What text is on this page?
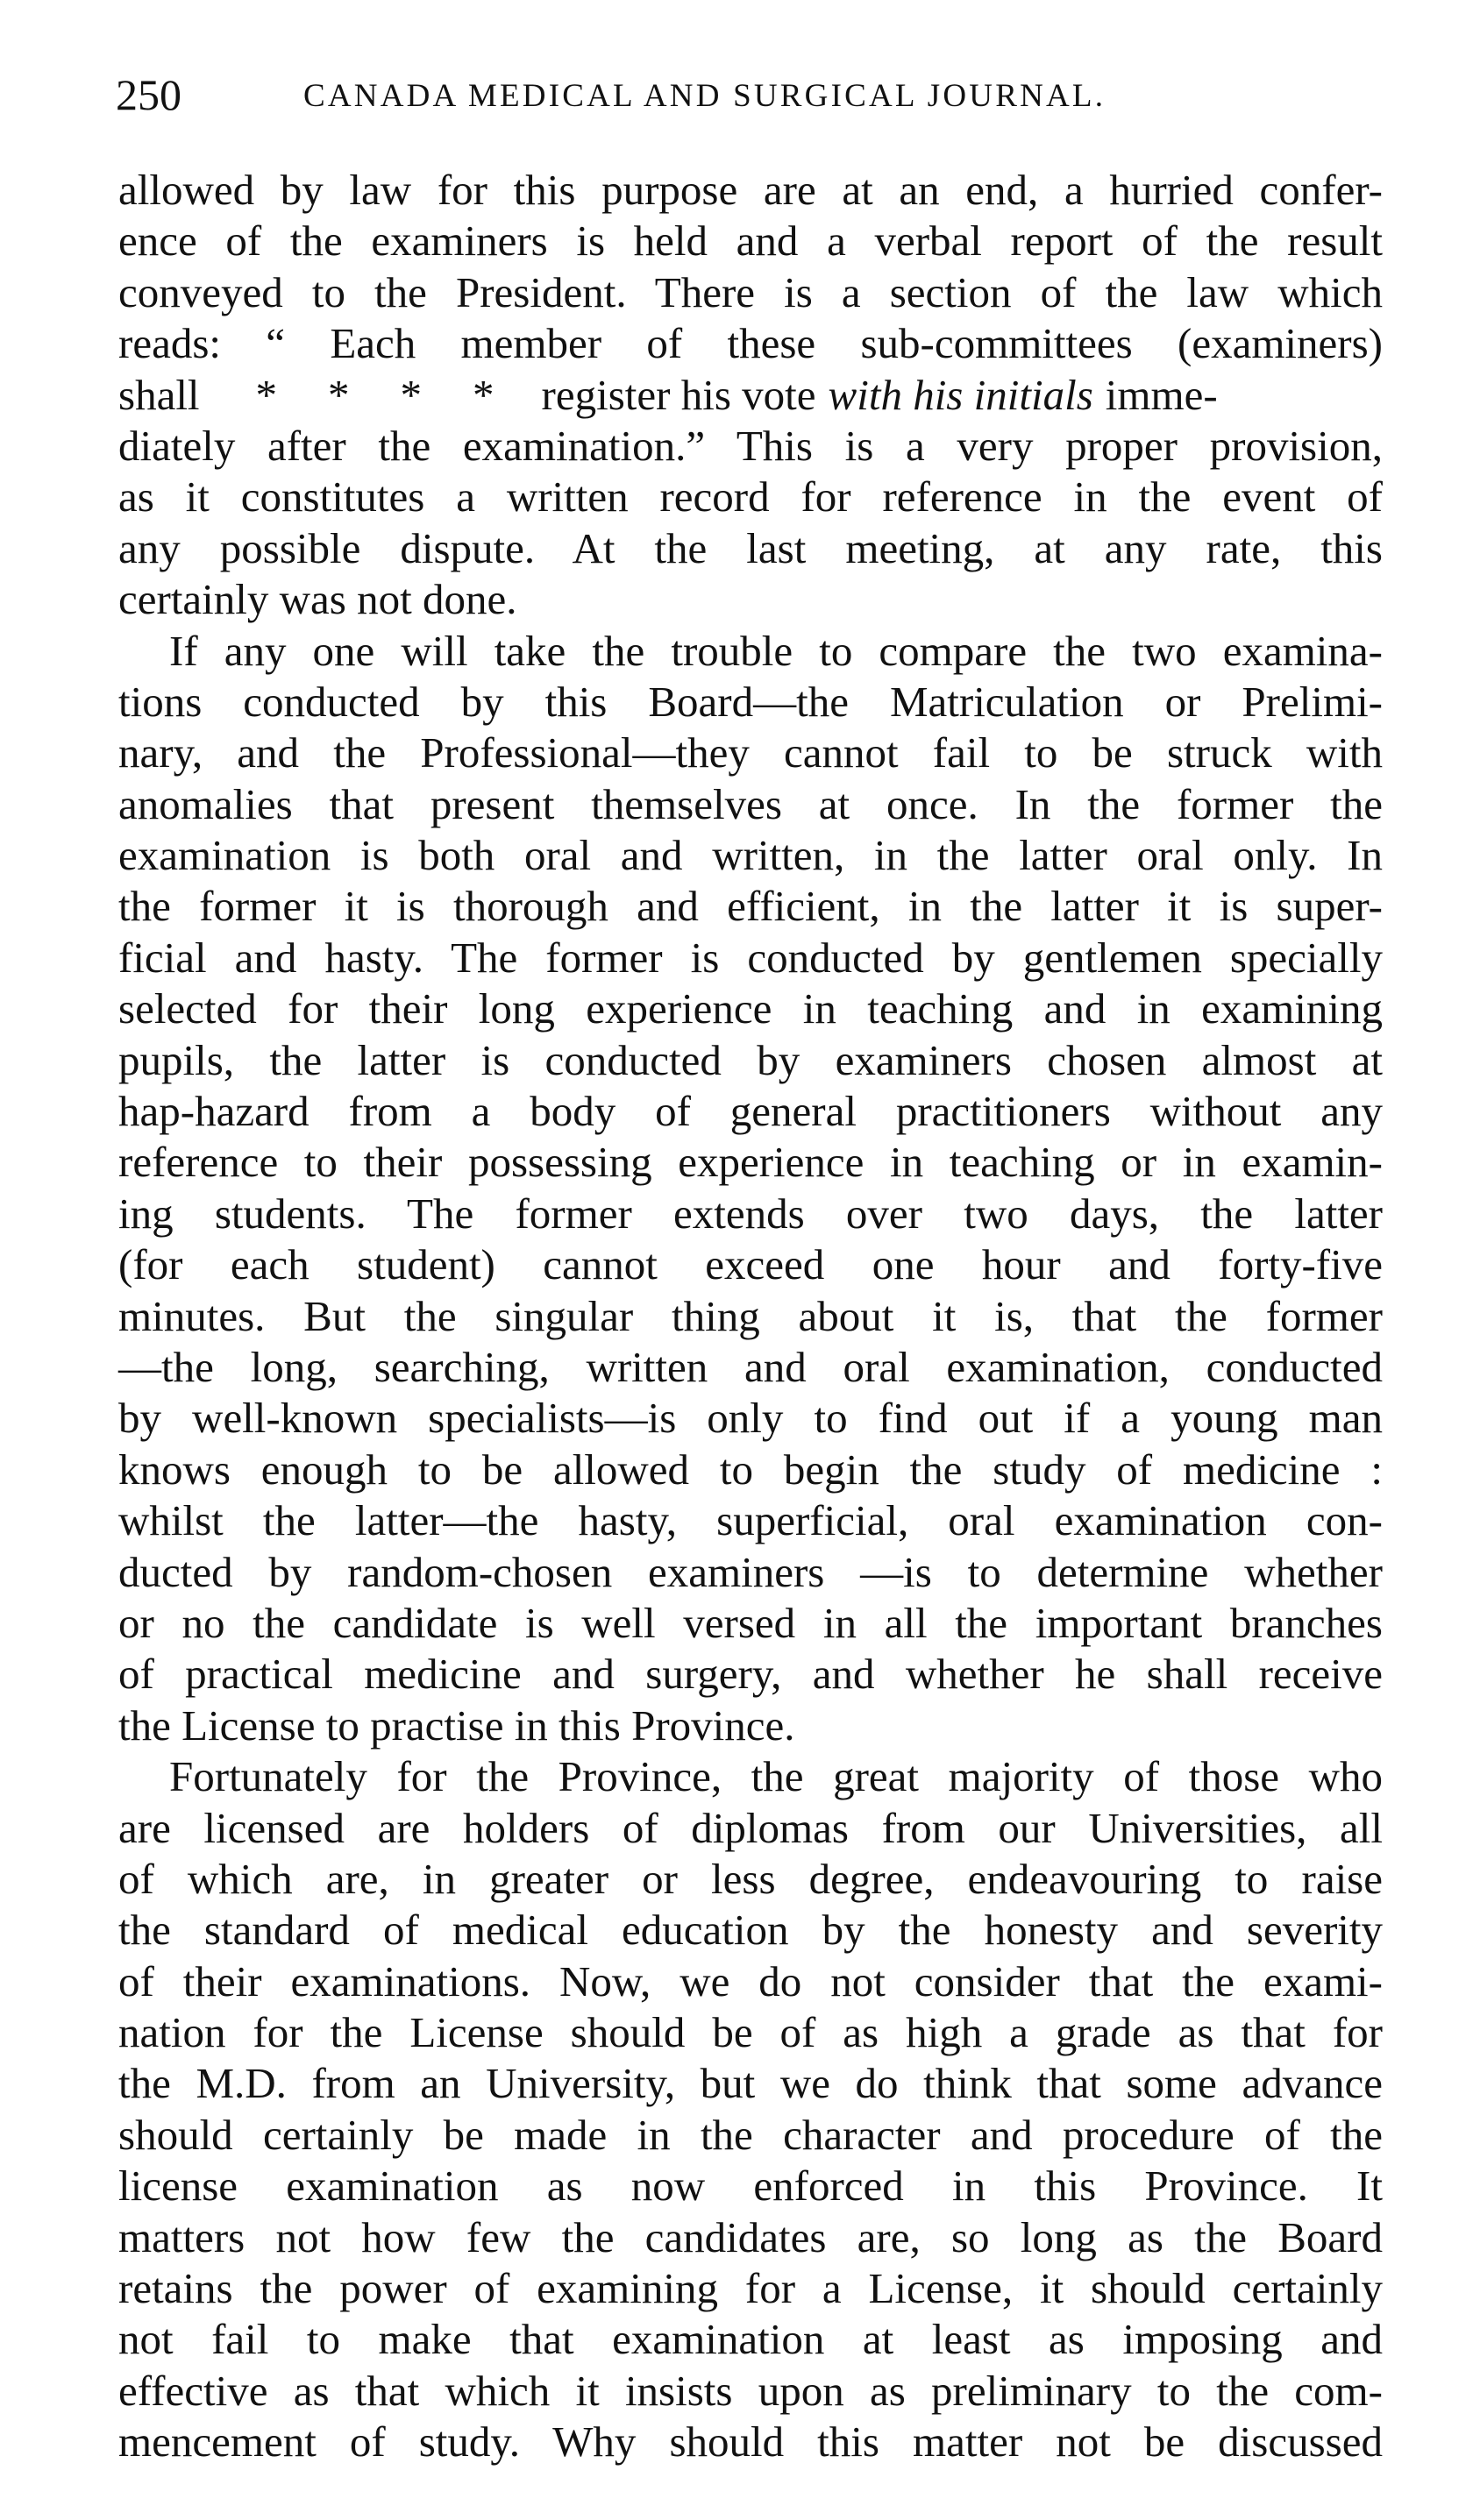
250	CANADA MEDICAL AND SURGICAL JOURNAL.
allowed by law for this purpose are at an end, a hurried confer-
ence of the examiners is held and a verbal report of the result
conveyed to the President. There is a section of the law which
reads: “ Each member of these sub-committees (examiners)
shall * * * * register his vote with his initials imme-
diately after the examination.” This is a very proper provision,
as it constitutes a written record for reference in the event of
any possible dispute. At the last meeting, at any rate, this
certainly was not done.
If any one will take the trouble to compare the two examina-
tions conducted by this Board—the Matriculation or Prelimi-
nary, and the Professional—they cannot fail to be struck with
anomalies that present themselves at once. In the former the
examination is both oral and written, in the latter oral only. In
the former it is thorough and efficient, in the latter it is super-
ficial and hasty. The former is conducted by gentlemen specially
selected for their long experience in teaching and in examining
pupils, the latter is conducted by examiners chosen almost at
hap-hazard from a body of general practitioners without any
reference to their possessing experience in teaching or in examin-
ing students. The former extends over two days, the latter
(for each student) cannot exceed one hour and forty-five
minutes. But the singular thing about it is, that the former
—the long, searching, written and oral examination, conducted
by well-known specialists—is only to find out if a young man
knows enough to be allowed to begin the study of medicine :
whilst the latter—the hasty, superficial, oral examination con-
ducted by random-chosen examiners —is to determine whether
or no the candidate is well versed in all the important branches
of practical medicine and surgery, and whether he shall receive
the License to practise in this Province.
Fortunately for the Province, the great majority of those who
are licensed are holders of diplomas from our Universities, all
of which are, in greater or less degree, endeavouring to raise
the standard of medical education by the honesty and severity
of their examinations. Now, we do not consider that the exami-
nation for the License should be of as high a grade as that for
the M.D. from an University, but we do think that some advance
should certainly be made in the character and procedure of the
license examination as now enforced in this Province. It
matters not how few the candidates are, so long as the Board
retains the power of examining for a License, it should certainly
not fail to make that examination at least as imposing and
effective as that which it insists upon as preliminary to the com-
mencement of study. Why should this matter not be discussed
